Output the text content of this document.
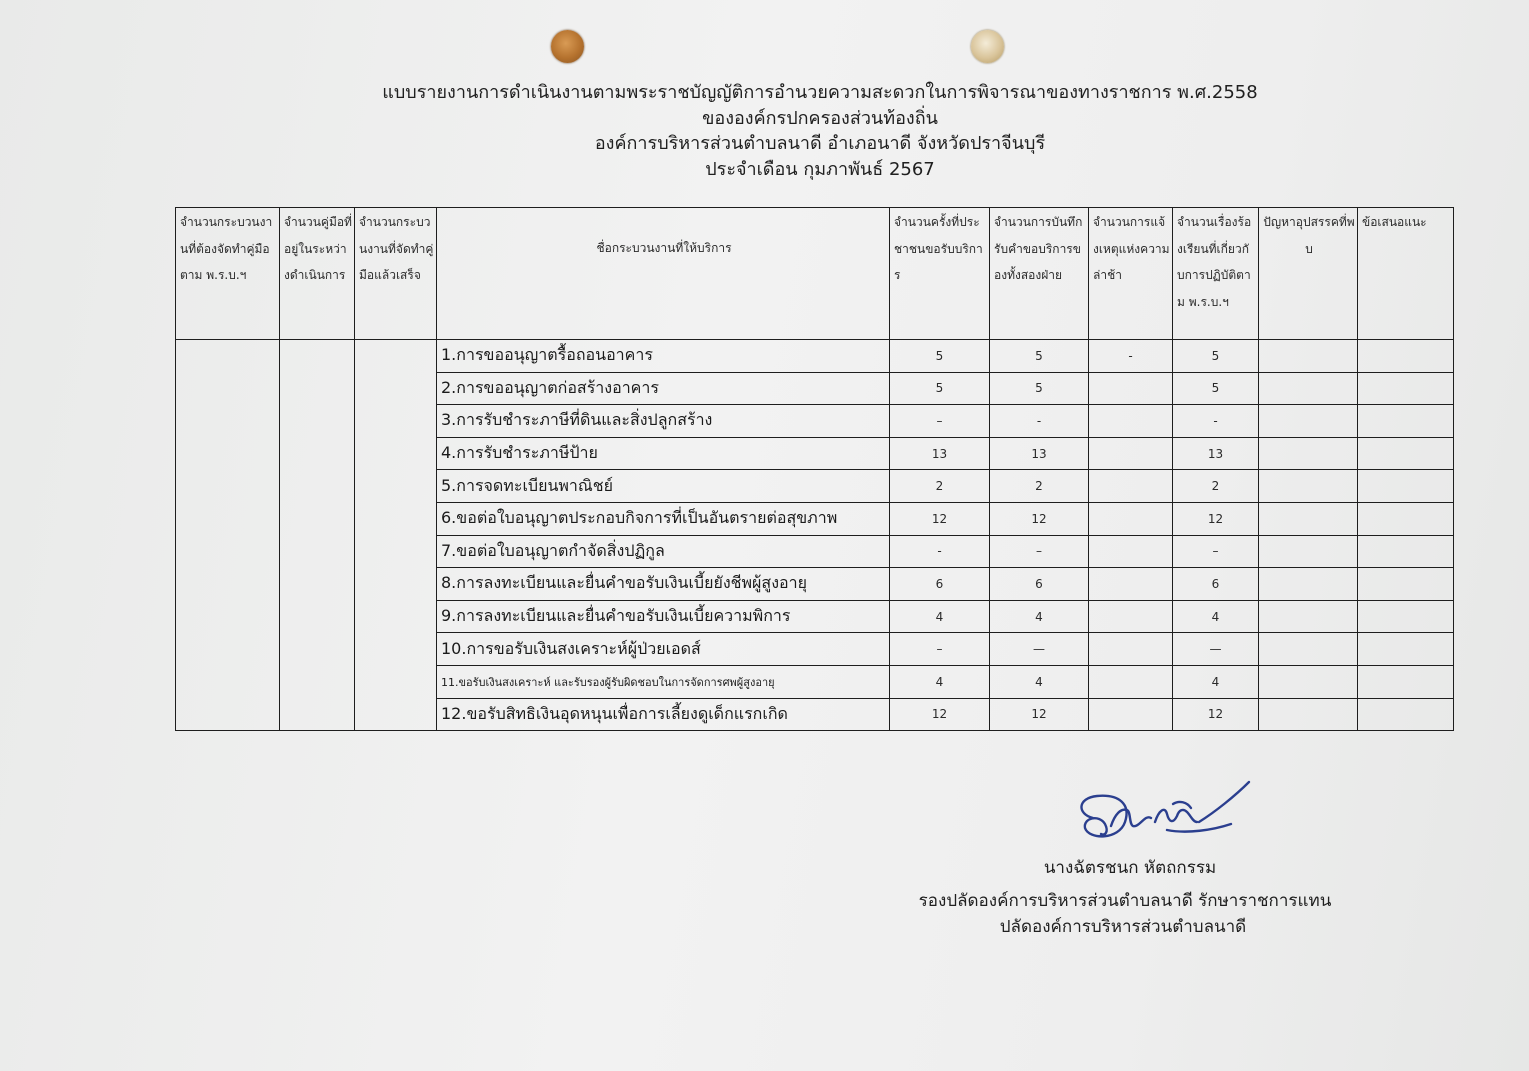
แบบรายงานการดำเนินงานตามพระราชบัญญัติการอำนวยความสะดวกในการพิจารณาของทางราชการ พ.ศ.2558
ขององค์กรปกครองส่วนท้องถิ่น
องค์การบริหารส่วนตำบลนาดี อำเภอนาดี จังหวัดปราจีนบุรี
ประจำเดือน กุมภาพันธ์ 2567
จำนวนกระบวนงานที่ต้องจัดทำคู่มือตาม พ.ร.บ.ฯ	จำนวนคู่มือที่อยู่ในระหว่างดำเนินการ	จำนวนกระบวนงานที่จัดทำคู่มือแล้วเสร็จ	ชื่อกระบวนงานที่ให้บริการ	จำนวนครั้งที่ประชาชนขอรับบริการ	จำนวนการบันทึกรับคำขอบริการของทั้งสองฝ่าย	จำนวนการแจ้งเหตุแห่งความล่าช้า	จำนวนเรื่องร้องเรียนที่เกี่ยวกับการปฏิบัติตาม พ.ร.บ.ฯ	ปัญหาอุปสรรคที่พบ	ข้อเสนอแนะ
			1.การขออนุญาตรื้อถอนอาคาร	5	5	-	5		
			2.การขออนุญาตก่อสร้างอาคาร	5	5		5		
			3.การรับชำระภาษีที่ดินและสิ่งปลูกสร้าง	–	-		-		
			4.การรับชำระภาษีป้าย	13	13		13		
			5.การจดทะเบียนพาณิชย์	2	2		2		
			6.ขอต่อใบอนุญาตประกอบกิจการที่เป็นอันตรายต่อสุขภาพ	12	12		12		
			7.ขอต่อใบอนุญาตกำจัดสิ่งปฏิกูล	-	–		–		
			8.การลงทะเบียนและยื่นคำขอรับเงินเบี้ยยังชีพผู้สูงอายุ	6	6		6		
			9.การลงทะเบียนและยื่นคำขอรับเงินเบี้ยความพิการ	4	4		4		
			10.การขอรับเงินสงเคราะห์ผู้ป่วยเอดส์	–	—		—		
			11.ขอรับเงินสงเคราะห์ และรับรองผู้รับผิดชอบในการจัดการศพผู้สูงอายุ	4	4		4		
			12.ขอรับสิทธิเงินอุดหนุนเพื่อการเลี้ยงดูเด็กแรกเกิด	12	12		12		
นางฉัตรชนก หัตถกรรม
รองปลัดองค์การบริหารส่วนตำบลนาดี รักษาราชการแทน
ปลัดองค์การบริหารส่วนตำบลนาดี
